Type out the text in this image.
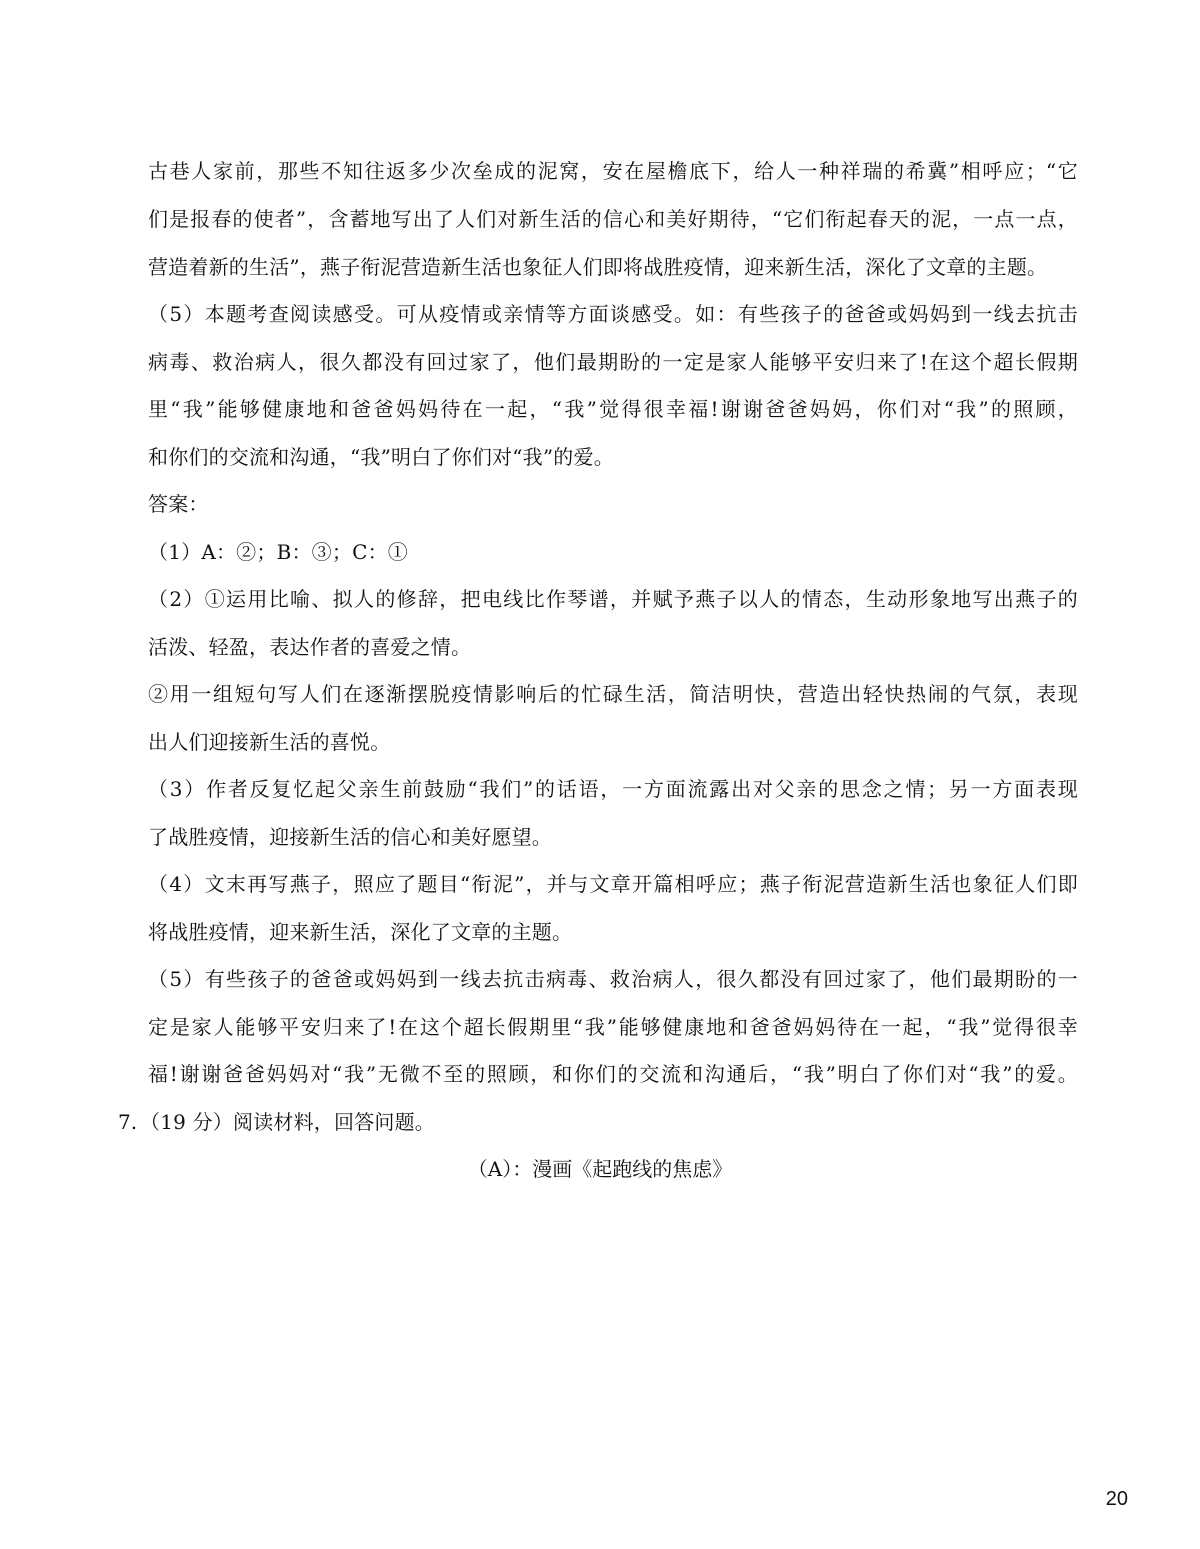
古巷人家前，那些不知往返多少次垒成的泥窝，安在屋檐底下，给人一种祥瑞的希冀”相呼应；“它
们是报春的使者”，含蓄地写出了人们对新生活的信心和美好期待，“它们衔起春天的泥，一点一点，
营造着新的生活”，燕子衔泥营造新生活也象征人们即将战胜疫情，迎来新生活，深化了文章的主题。
（5）本题考查阅读感受。可从疫情或亲情等方面谈感受。如：有些孩子的爸爸或妈妈到一线去抗击
病毒、救治病人，很久都没有回过家了，他们最期盼的一定是家人能够平安归来了!在这个超长假期
里“我”能够健康地和爸爸妈妈待在一起，“我”觉得很幸福!谢谢爸爸妈妈，你们对“我”的照顾，
和你们的交流和沟通，“我”明白了你们对“我”的爱。
答案：
（1）A：②；B：③；C：①
（2）①运用比喻、拟人的修辞，把电线比作琴谱，并赋予燕子以人的情态，生动形象地写出燕子的
活泼、轻盈，表达作者的喜爱之情。
②用一组短句写人们在逐渐摆脱疫情影响后的忙碌生活，简洁明快，营造出轻快热闹的气氛，表现
出人们迎接新生活的喜悦。
（3）作者反复忆起父亲生前鼓励“我们”的话语，一方面流露出对父亲的思念之情；另一方面表现
了战胜疫情，迎接新生活的信心和美好愿望。
（4）文末再写燕子，照应了题目“衔泥”，并与文章开篇相呼应；燕子衔泥营造新生活也象征人们即
将战胜疫情，迎来新生活，深化了文章的主题。
（5）有些孩子的爸爸或妈妈到一线去抗击病毒、救治病人，很久都没有回过家了，他们最期盼的一
定是家人能够平安归来了!在这个超长假期里“我”能够健康地和爸爸妈妈待在一起，“我”觉得很幸
福!谢谢爸爸妈妈对“我”无微不至的照顾，和你们的交流和沟通后，“我”明白了你们对“我”的爱。
7. （19 分）阅读材料，回答问题。
（A）：漫画《起跑线的焦虑》
20
